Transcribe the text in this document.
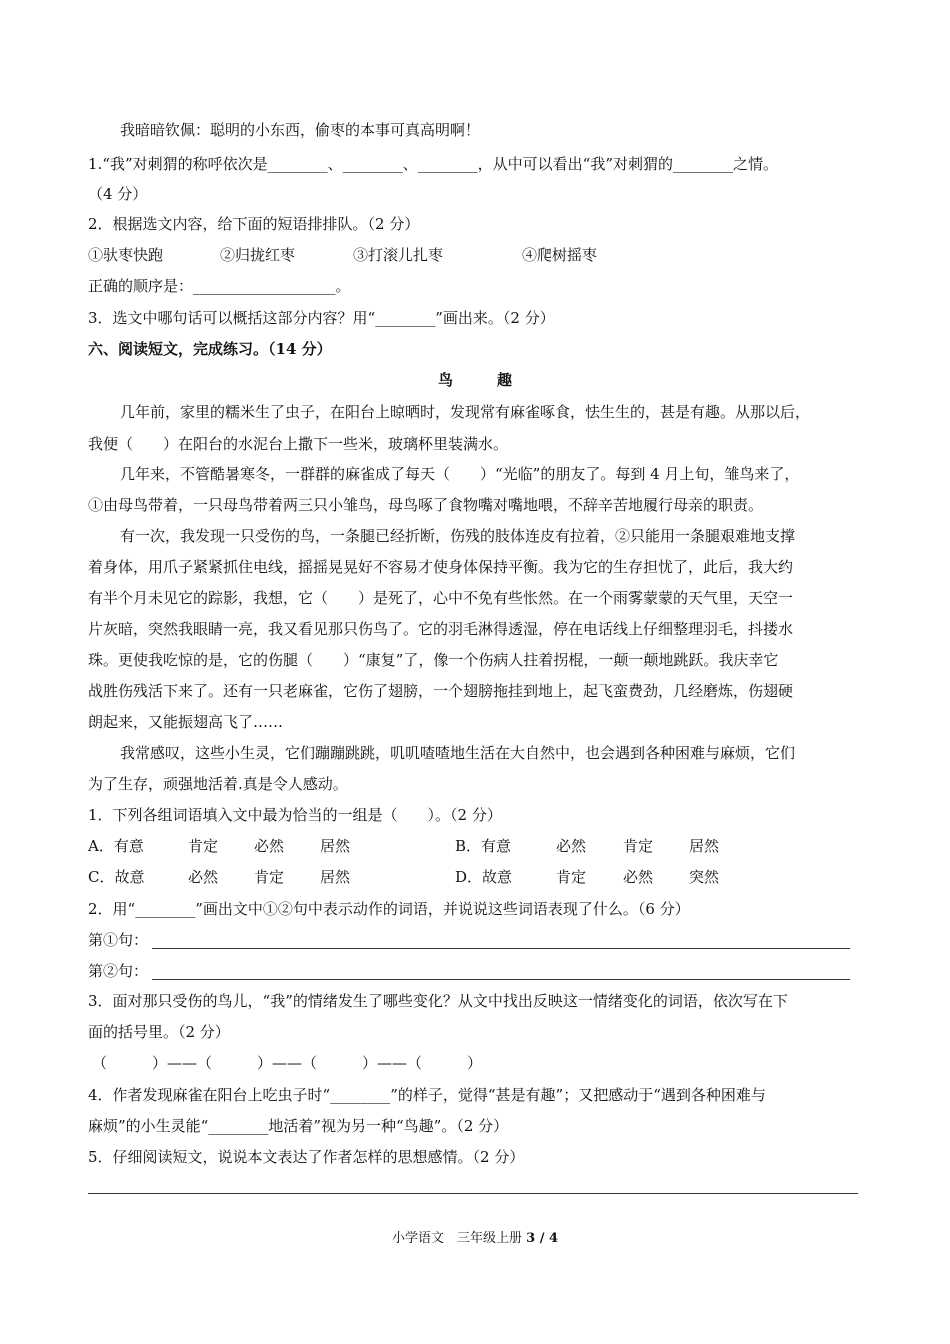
我暗暗钦佩：聪明的小东西，偷枣的本事可真高明啊！
1.“我”对刺猬的称呼依次是________、________、________，从中可以看出“我”对刺猬的________之情。
（4 分）
2．根据选文内容，给下面的短语排排队。（2 分）
①驮枣快跑	②归拢红枣	③打滚儿扎枣	④爬树摇枣
正确的顺序是：___________________。
3．选文中哪句话可以概括这部分内容？用“________”画出来。（2 分）
六、阅读短文，完成练习。（14 分）
鸟	趣
几年前，家里的糯米生了虫子，在阳台上晾晒时，发现常有麻雀啄食，怯生生的，甚是有趣。从那以后，
我便（　　）在阳台的水泥台上撒下一些米，玻璃杯里装满水。
几年来，不管酷暑寒冬，一群群的麻雀成了每天（　　）“光临”的朋友了。每到 4 月上旬，雏鸟来了，
①由母鸟带着，一只母鸟带着两三只小雏鸟，母鸟啄了食物嘴对嘴地喂，不辞辛苦地履行母亲的职责。
有一次，我发现一只受伤的鸟，一条腿已经折断，伤残的肢体连皮有拉着，②只能用一条腿艰难地支撑
着身体，用爪子紧紧抓住电线，摇摇晃晃好不容易才使身体保持平衡。我为它的生存担忧了，此后，我大约
有半个月未见它的踪影，我想，它（　　）是死了，心中不免有些怅然。在一个雨雾蒙蒙的天气里，天空一
片灰暗，突然我眼睛一亮，我又看见那只伤鸟了。它的羽毛淋得透湿，停在电话线上仔细整理羽毛，抖搂水
珠。更使我吃惊的是，它的伤腿（　　）“康复”了，像一个伤病人拄着拐棍，一颠一颠地跳跃。我庆幸它
战胜伤残活下来了。还有一只老麻雀，它伤了翅膀，一个翅膀拖挂到地上，起飞蛮费劲，几经磨炼，伤翅硬
朗起来，又能振翅高飞了……
我常感叹，这些小生灵，它们蹦蹦跳跳，叽叽喳喳地生活在大自然中，也会遇到各种困难与麻烦，它们
为了生存，顽强地活着.真是令人感动。
1．下列各组词语填入文中最为恰当的一组是（　　）。（2 分）
A．有意	肯定 必然 居然	B．有意	必然 肯定 居然
C．故意	必然 肯定 居然	D．故意	肯定 必然 突然
2．用“________”画出文中①②句中表示动作的词语，并说说这些词语表现了什么。（6 分）
第①句：
第②句：
3．面对那只受伤的鸟儿，“我”的情绪发生了哪些变化？从文中找出反映这一情绪变化的词语，依次写在下
面的括号里。（2 分）
（　　　）——（　　　）——（　　　）——（　　　）
4．作者发现麻雀在阳台上吃虫子时“________”的样子，觉得“甚是有趣”；又把感动于“遇到各种困难与
麻烦”的小生灵能“________地活着”视为另一种“鸟趣”。（2 分）
5．仔细阅读短文，说说本文表达了作者怎样的思想感情。（2 分）
小学语文　三年级上册 3 / 4
